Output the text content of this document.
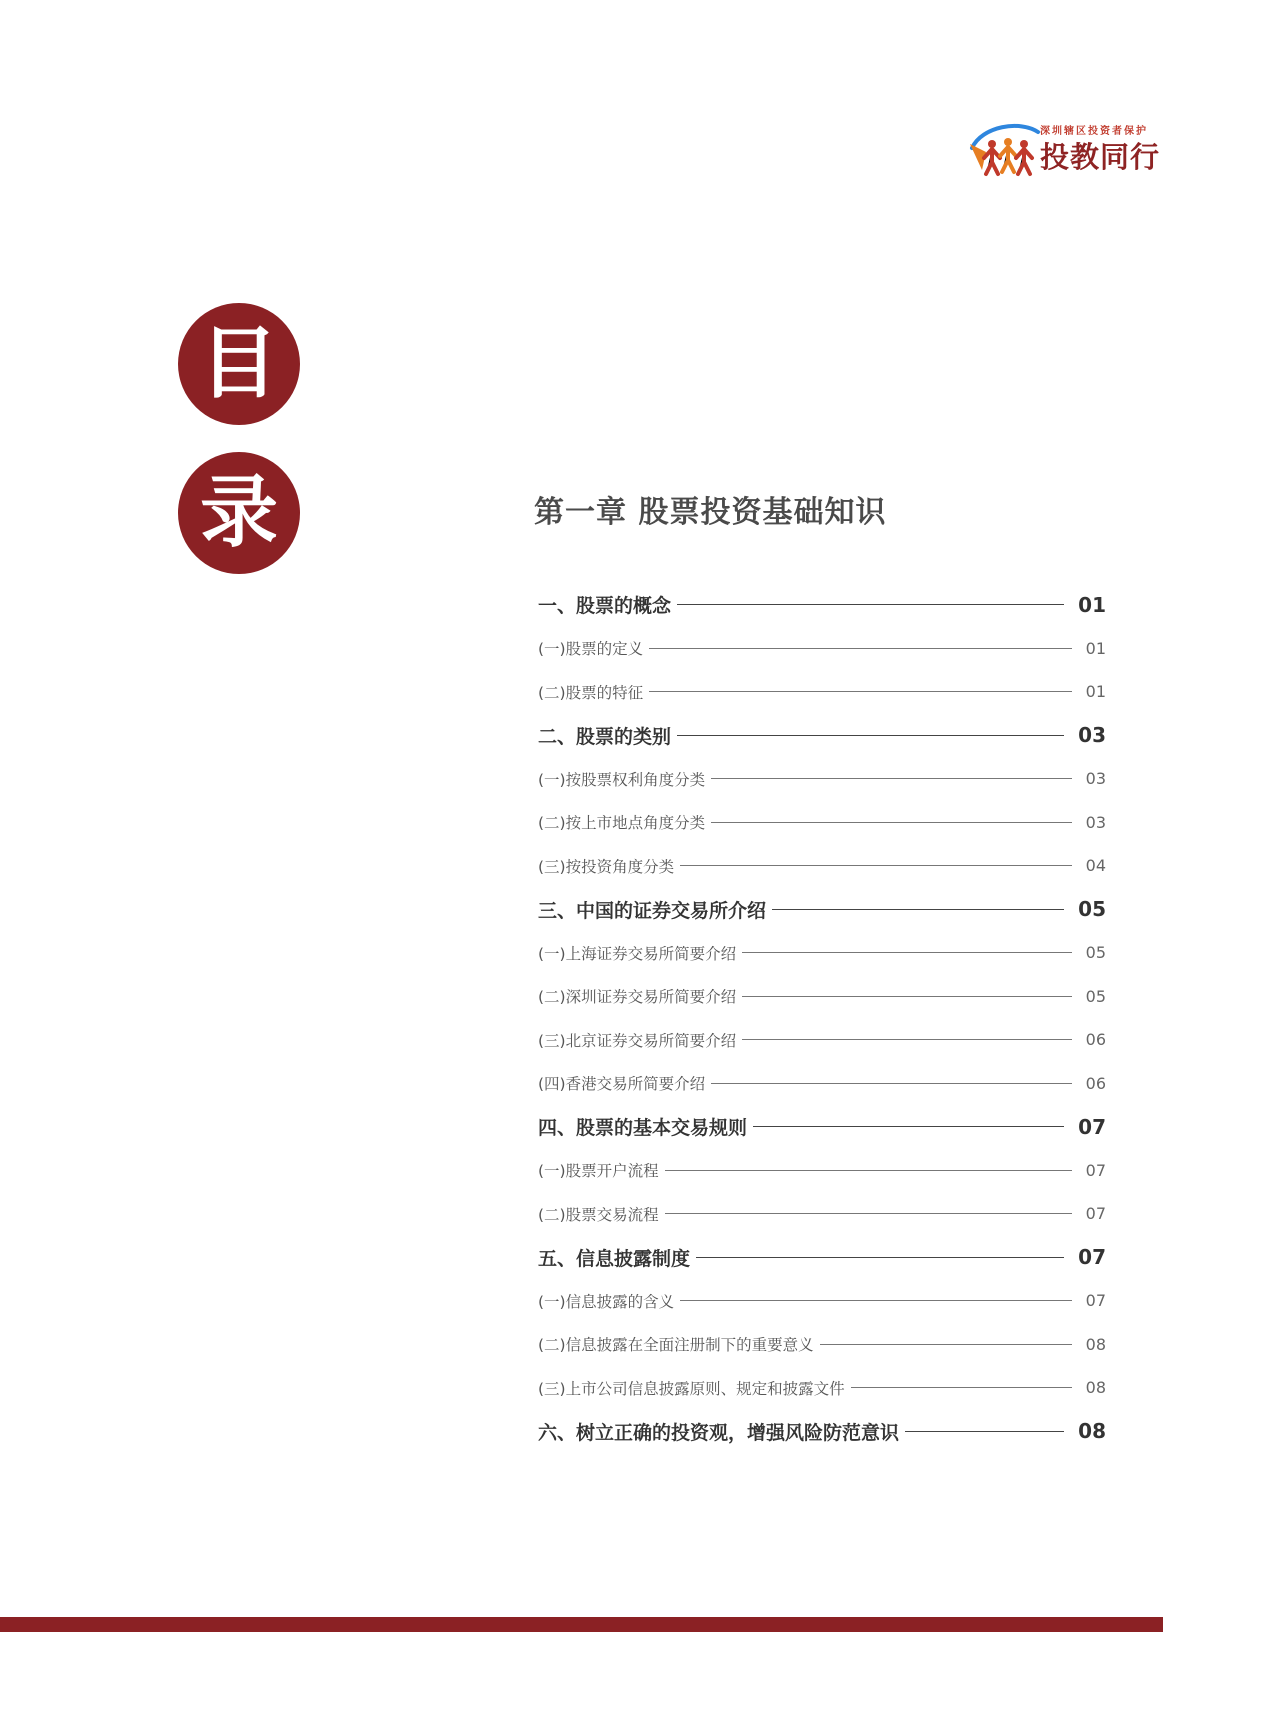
深圳辖区投资者保护
投教同行
目
录	第一章 股票投资基础知识
一、股票的概念	01
(一)股票的定义	01
(二)股票的特征	01
二、股票的类别	03
(一)按股票权利角度分类	03
(二)按上市地点角度分类	03
(三)按投资角度分类	04
三、中国的证券交易所介绍	05
(一)上海证券交易所简要介绍	05
(二)深圳证券交易所简要介绍	05
(三)北京证券交易所简要介绍	06
(四)香港交易所简要介绍	06
四、股票的基本交易规则	07
(一)股票开户流程	07
(二)股票交易流程	07
五、信息披露制度	07
(一)信息披露的含义	07
(二)信息披露在全面注册制下的重要意义	08
(三)上市公司信息披露原则、规定和披露文件	08
六、树立正确的投资观，增强风险防范意识	08
